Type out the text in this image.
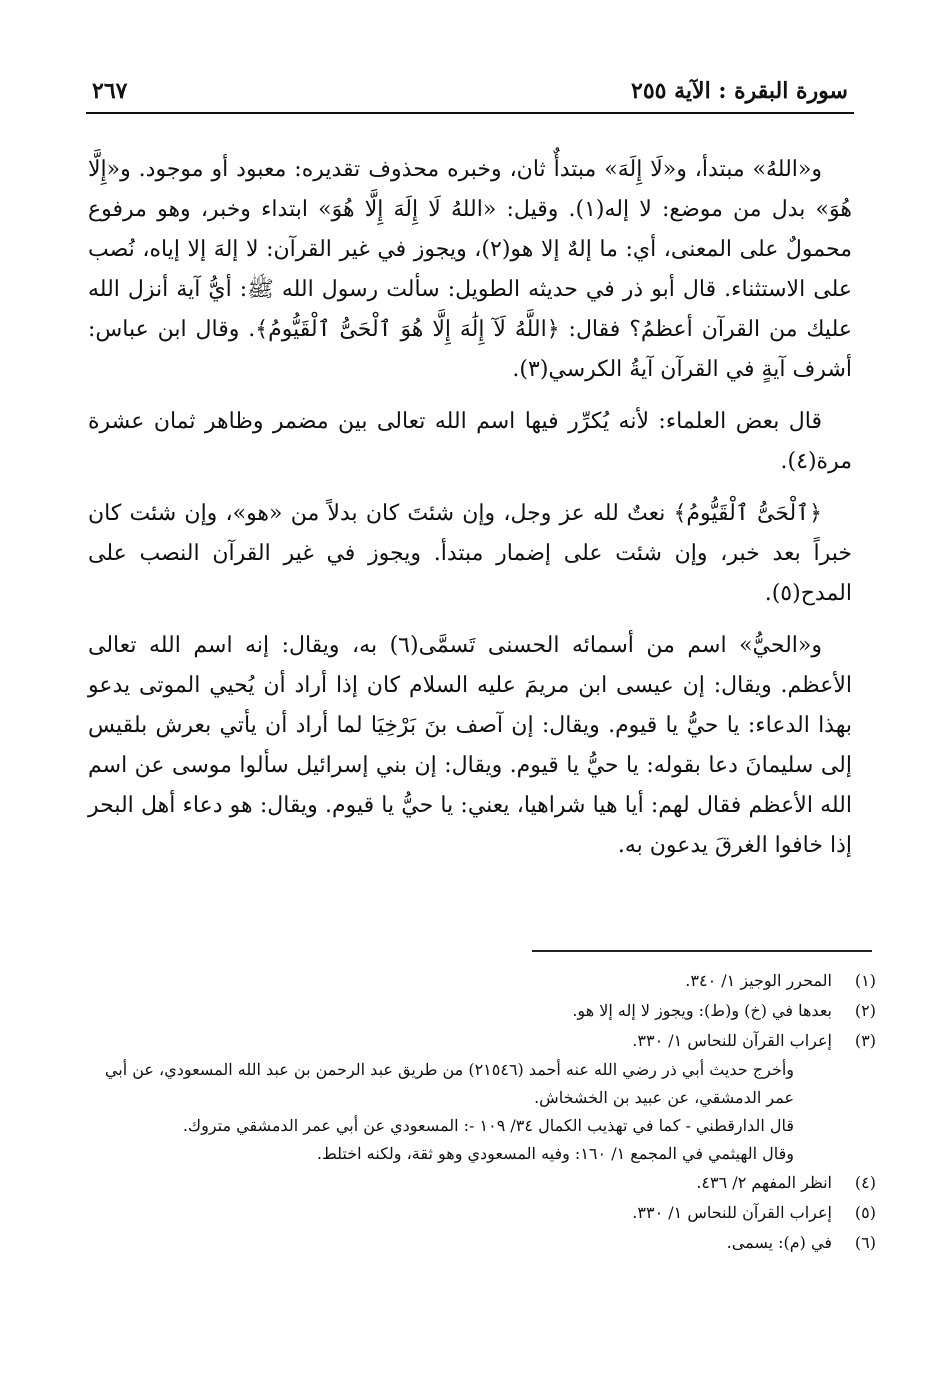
سورة البقرة : الآية ٢٥٥
٢٦٧

و«اللهُ» مبتدأ، و«لَا إِلَهَ» مبتدأٌ ثان، وخبره محذوف تقديره: معبود أو موجود. و«إِلَّا هُوَ» بدل من موضع: لا إله(١). وقيل: «اللهُ لَا إِلَهَ إِلَّا هُوَ» ابتداء وخبر، وهو مرفوع محمولٌ على المعنى، أي: ما إلهٌ إلا هو(٢)، ويجوز في غير القرآن: لا إلهَ إلا إياه، نُصب على الاستثناء. قال أبو ذر في حديثه الطويل: سألت رسول الله ﷺ: أيُّ آية أنزل الله عليك من القرآن أعظمُ؟ فقال: ﴿اللَّهُ لَآ إِلَٰهَ إِلَّا هُوَ ٱلْحَىُّ ٱلْقَيُّومُ﴾. وقال ابن عباس: أشرف آيةٍ في القرآن آيةُ الكرسي(٣).

قال بعض العلماء: لأنه يُكرِّر فيها اسم الله تعالى بين مضمر وظاهر ثمان عشرة مرة(٤).

﴿ٱلْحَىُّ ٱلْقَيُّومُ﴾ نعتٌ لله عز وجل، وإن شئتَ كان بدلاً من «هو»، وإن شئت كان خبراً بعد خبر، وإن شئت على إضمار مبتدأ. ويجوز في غير القرآن النصب على المدح(٥).

و«الحيُّ» اسم من أسمائه الحسنى تَسمَّى(٦) به، ويقال: إنه اسم الله تعالى الأعظم. ويقال: إن عيسى ابن مريمَ عليه السلام كان إذا أراد أن يُحيي الموتى يدعو بهذا الدعاء: يا حيُّ يا قيوم. ويقال: إن آصف بنَ بَرْخِيَا لما أراد أن يأتي بعرش بلقيس إلى سليمانَ دعا بقوله: يا حيُّ يا قيوم. ويقال: إن بني إسرائيل سألوا موسى عن اسم الله الأعظم فقال لهم: أيا هيا شراهيا، يعني: يا حيُّ يا قيوم. ويقال: هو دعاء أهل البحر إذا خافوا الغرقَ يدعون به.

(١)
المحرر الوجيز ١/ ٣٤٠.
(٢)
بعدها في (خ) و(ط): ويجوز لا إله إلا هو.
(٣)
إعراب القرآن للنحاس ١/ ٣٣٠.
وأخرج حديث أبي ذر رضي الله عنه أحمد (٢١٥٤٦) من طريق عبد الرحمن بن عبد الله المسعودي، عن أبي عمر الدمشقي، عن عبيد بن الخشخاش.
قال الدارقطني - كما في تهذيب الكمال ٣٤/ ١٠٩ -: المسعودي عن أبي عمر الدمشقي متروك.
وقال الهيثمي في المجمع ١/ ١٦٠: وفيه المسعودي وهو ثقة، ولكنه اختلط.
(٤)
انظر المفهم ٢/ ٤٣٦.
(٥)
إعراب القرآن للنحاس ١/ ٣٣٠.
(٦)
في (م): يسمى.
